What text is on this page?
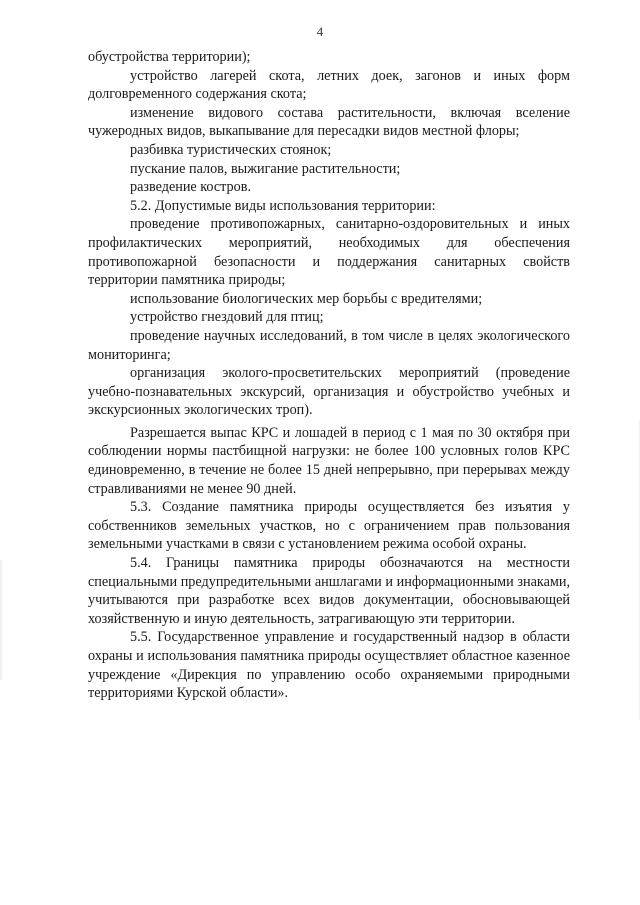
4

обустройства территории);

устройство лагерей скота, летних доек, загонов и иных форм долговременного содержания скота;

изменение видового состава растительности, включая вселение чужеродных видов, выкапывание для пересадки видов местной флоры;

разбивка туристических стоянок;

пускание палов, выжигание растительности;

разведение костров.

5.2. Допустимые виды использования территории:

проведение противопожарных, санитарно-оздоровительных и иных профилактических мероприятий, необходимых для обеспечения противопожарной безопасности и поддержания санитарных свойств территории памятника природы;

использование биологических мер борьбы с вредителями;

устройство гнездовий для птиц;

проведение научных исследований, в том числе в целях экологического мониторинга;

организация эколого-просветительских мероприятий (проведение учебно-познавательных экскурсий, организация и обустройство учебных и экскурсионных экологических троп).

Разрешается выпас КРС и лошадей в период с 1 мая по 30 октября при соблюдении нормы пастбищной нагрузки: не более 100 условных голов КРС единовременно, в течение не более 15 дней непрерывно, при перерывах между стравливаниями не менее 90 дней.

5.3. Создание памятника природы осуществляется без изъятия у собственников земельных участков, но с ограничением прав пользования земельными участками в связи с установлением режима особой охраны.

5.4. Границы памятника природы обозначаются на местности специальными предупредительными аншлагами и информационными знаками, учитываются при разработке всех видов документации, обосновывающей хозяйственную и иную деятельность, затрагивающую эти территории.

5.5. Государственное управление и государственный надзор в области охраны и использования памятника природы осуществляет областное казенное учреждение «Дирекция по управлению особо охраняемыми природными территориями Курской области».
